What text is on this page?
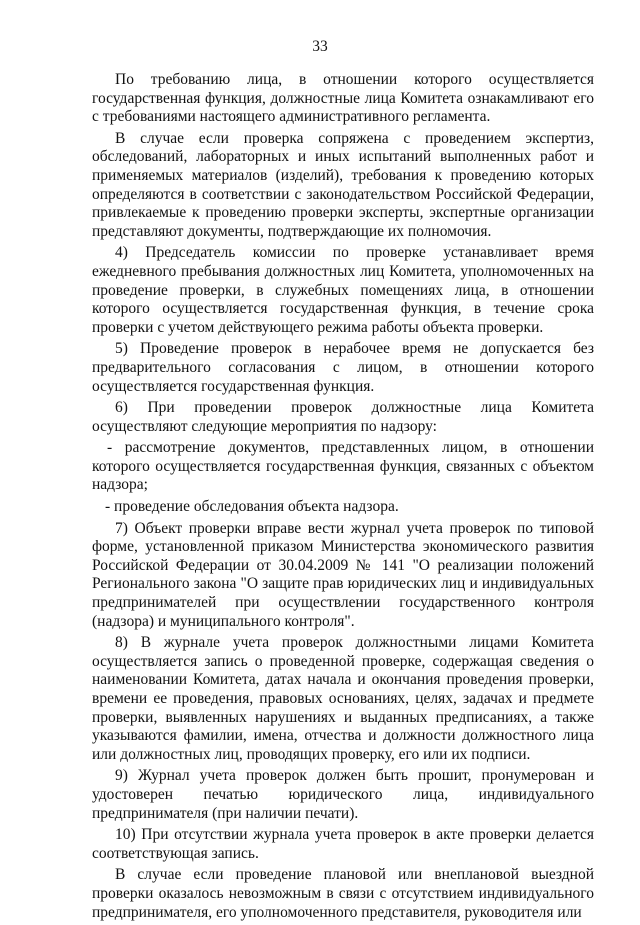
33

По требованию лица, в отношении которого осуществляется государственная функция, должностные лица Комитета ознакамливают его с требованиями настоящего административного регламента.

В случае если проверка сопряжена с проведением экспертиз, обследований, лабораторных и иных испытаний выполненных работ и применяемых материалов (изделий), требования к проведению которых определяются в соответствии с законодательством Российской Федерации, привлекаемые к проведению проверки эксперты, экспертные организации представляют документы, подтверждающие их полномочия.

4) Председатель комиссии по проверке устанавливает время ежедневного пребывания должностных лиц Комитета, уполномоченных на проведение проверки, в служебных помещениях лица, в отношении которого осуществляется государственная функция, в течение срока проверки с учетом действующего режима работы объекта проверки.

5) Проведение проверок в нерабочее время не допускается без предварительного согласования с лицом, в отношении которого осуществляется государственная функция.

6) При проведении проверок должностные лица Комитета осуществляют следующие мероприятия по надзору:

- рассмотрение документов, представленных лицом, в отношении которого осуществляется государственная функция, связанных с объектом надзора;

- проведение обследования объекта надзора.

7) Объект проверки вправе вести журнал учета проверок по типовой форме, установленной приказом Министерства экономического развития Российской Федерации от 30.04.2009 № 141 "О реализации положений Регионального закона "О защите прав юридических лиц и индивидуальных предпринимателей при осуществлении государственного контроля (надзора) и муниципального контроля".

8) В журнале учета проверок должностными лицами Комитета осуществляется запись о проведенной проверке, содержащая сведения о наименовании Комитета, датах начала и окончания проведения проверки, времени ее проведения, правовых основаниях, целях, задачах и предмете проверки, выявленных нарушениях и выданных предписаниях, а также указываются фамилии, имена, отчества и должности должностного лица или должностных лиц, проводящих проверку, его или их подписи.

9) Журнал учета проверок должен быть прошит, пронумерован и удостоверен печатью юридического лица, индивидуального предпринимателя (при наличии печати).

10) При отсутствии журнала учета проверок в акте проверки делается соответствующая запись.

В случае если проведение плановой или внеплановой выездной проверки оказалось невозможным в связи с отсутствием индивидуального предпринимателя, его уполномоченного представителя, руководителя или
